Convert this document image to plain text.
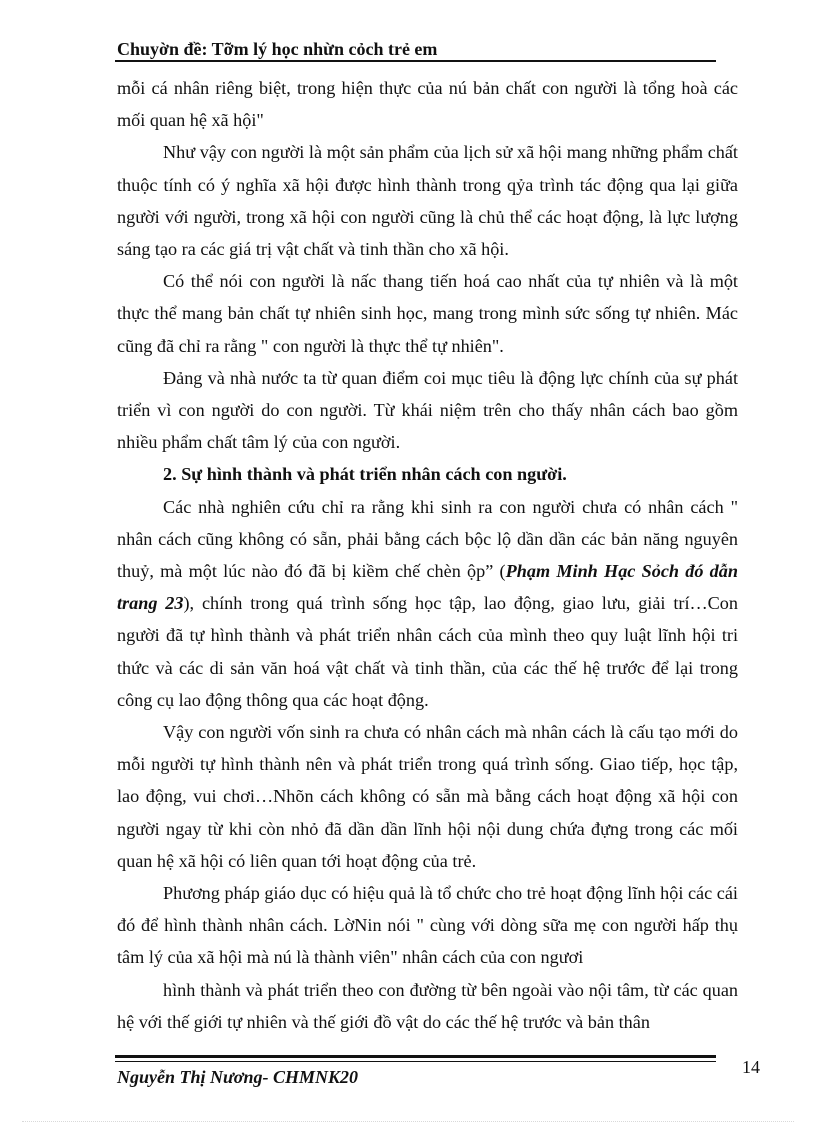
Chuyờn đề: Tỡm lý học nhừn cỏch trẻ em

mỗi cá nhân riêng biệt, trong hiện thực của nú bản chất con người là tổng hoà các mối quan hệ xã hội"

Như vậy con người là một sản phẩm của lịch sử xã hội mang những phẩm chất thuộc tính có ý nghĩa xã hội được hình thành trong qỷa trình tác động qua lại giữa người với người, trong xã hội con người cũng là chủ thể các hoạt động, là lực lượng sáng tạo ra các giá trị vật chất và tinh thần cho xã hội.

Có thể nói con người là nấc thang tiến hoá cao nhất của tự nhiên và là một thực thể mang bản chất tự nhiên sinh học, mang trong mình sức sống tự nhiên. Mác cũng đã chỉ ra rằng " con người là thực thể tự nhiên".

Đảng và nhà nước ta từ quan điểm coi mục tiêu là động lực chính của sự phát triển vì con người do con người. Từ khái niệm trên cho thấy nhân cách bao gồm nhiều phẩm chất tâm lý của con người.

2. Sự hình thành và phát triển nhân cách con người.

Các nhà nghiên cứu chỉ ra rằng khi sinh ra con người chưa có nhân cách " nhân cách cũng không có sẵn, phải bằng cách bộc lộ dần dần các bản năng nguyên thuỷ, mà một lúc nào đó đã bị kiềm chế chèn ộp” (Phạm Minh Hạc Sỏch đó dẫn trang 23), chính trong quá trình sống học tập, lao động, giao lưu, giải trí…Con người đã tự hình thành và phát triển nhân cách của mình theo quy luật lĩnh hội tri thức và các di sản văn hoá vật chất và tinh thần, của các thế hệ trước để lại trong công cụ lao động thông qua các hoạt động.

Vậy con người vốn sinh ra chưa có nhân cách mà nhân cách là cấu tạo mới do mỗi người tự hình thành nên và phát triển trong quá trình sống. Giao tiếp, học tập, lao động, vui chơi…Nhõn cách không có sẵn mà bằng cách hoạt động xã hội con người ngay từ khi còn nhỏ đã dần dần lĩnh hội nội dung chứa đựng trong các mối quan hệ xã hội có liên quan tới hoạt động của trẻ.

Phương pháp giáo dục có hiệu quả là tổ chức cho trẻ hoạt động lĩnh hội các cái đó để hình thành nhân cách. LờNin nói " cùng với dòng sữa mẹ con người hấp thụ tâm lý của xã hội mà nú là thành viên" nhân cách của con ngươi

hình thành và phát triển theo con đường từ bên ngoài vào nội tâm, từ các quan hệ với thế giới tự nhiên và thế giới đồ vật do các thế hệ trước và bản thân

Nguyễn Thị Nương- CHMNK20	14
